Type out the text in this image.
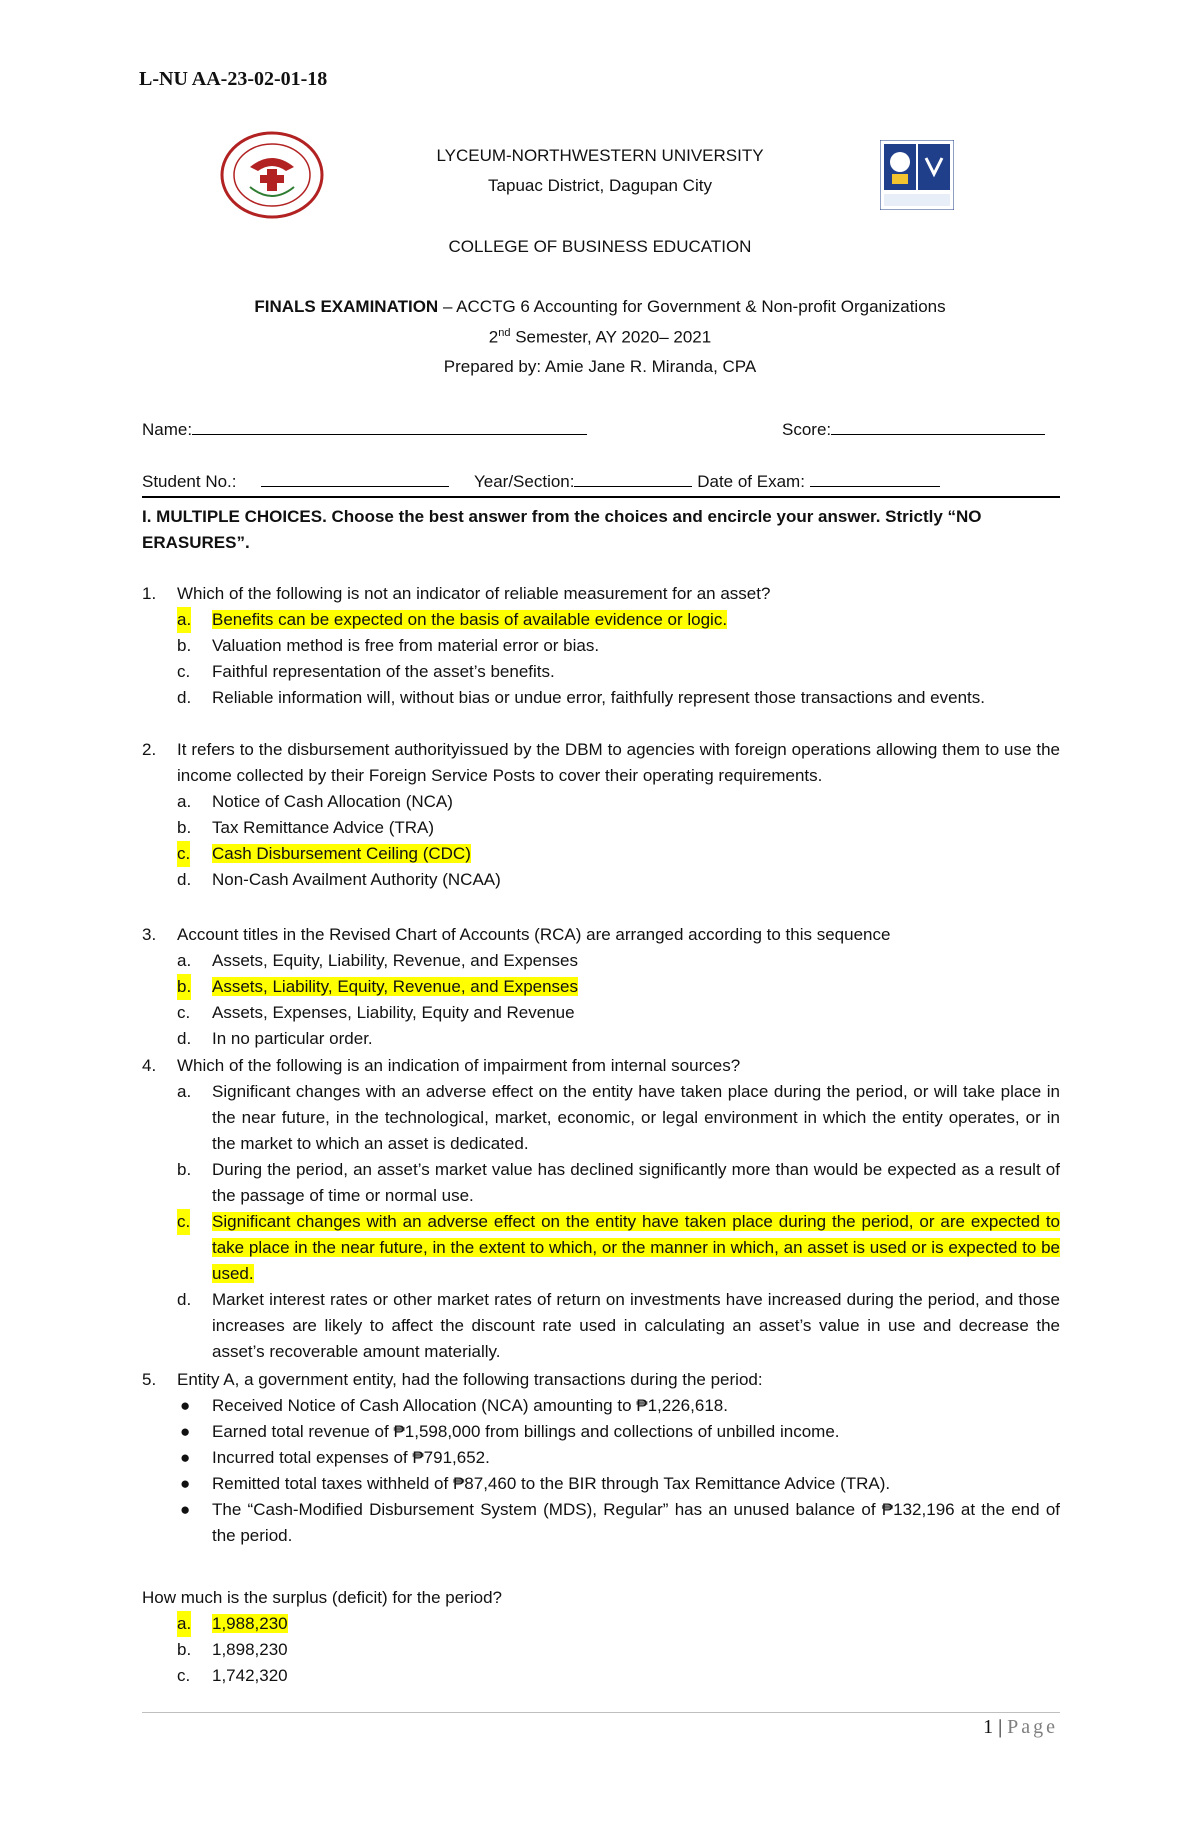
L-NU AA-23-02-01-18
LYCEUM-NORTHWESTERN UNIVERSITY
Tapuac District, Dagupan City
COLLEGE OF BUSINESS EDUCATION
FINALS EXAMINATION – ACCTG 6 Accounting for Government & Non-profit Organizations
2nd Semester, AY 2020– 2021
Prepared by: Amie Jane R. Miranda, CPA
Name:	Score:
Student No.:	Year/Section:	Date of Exam:
I. MULTIPLE CHOICES. Choose the best answer from the choices and encircle your answer. Strictly “NO ERASURES”.
1.	Which of the following is not an indicator of reliable measurement for an asset?
a. Benefits can be expected on the basis of available evidence or logic.
b. Valuation method is free from material error or bias.
c. Faithful representation of the asset’s benefits.
d. Reliable information will, without bias or undue error, faithfully represent those transactions and events.
2.	It refers to the disbursement authorityissued by the DBM to agencies with foreign operations allowing them to use the income collected by their Foreign Service Posts to cover their operating requirements.
a. Notice of Cash Allocation (NCA)
b. Tax Remittance Advice (TRA)
c. Cash Disbursement Ceiling (CDC)
d. Non-Cash Availment Authority (NCAA)
3.	Account titles in the Revised Chart of Accounts (RCA) are arranged according to this sequence
a. Assets, Equity, Liability, Revenue, and Expenses
b. Assets, Liability, Equity, Revenue, and Expenses
c. Assets, Expenses, Liability, Equity and Revenue
d. In no particular order.
4.	Which of the following is an indication of impairment from internal sources?
a. Significant changes with an adverse effect on the entity have taken place during the period, or will take place in the near future, in the technological, market, economic, or legal environment in which the entity operates, or in the market to which an asset is dedicated.
b. During the period, an asset’s market value has declined significantly more than would be expected as a result of the passage of time or normal use.
c. Significant changes with an adverse effect on the entity have taken place during the period, or are expected to take place in the near future, in the extent to which, or the manner in which, an asset is used or is expected to be used.
d. Market interest rates or other market rates of return on investments have increased during the period, and those increases are likely to affect the discount rate used in calculating an asset’s value in use and decrease the asset’s recoverable amount materially.
5.	Entity A, a government entity, had the following transactions during the period:
● Received Notice of Cash Allocation (NCA) amounting to ₱1,226,618.
● Earned total revenue of ₱1,598,000 from billings and collections of unbilled income.
● Incurred total expenses of ₱791,652.
● Remitted total taxes withheld of ₱87,460 to the BIR through Tax Remittance Advice (TRA).
● The “Cash-Modified Disbursement System (MDS), Regular” has an unused balance of ₱132,196 at the end of the period.
How much is the surplus (deficit) for the period?
a. 1,988,230
b. 1,898,230
c. 1,742,320
1 | Page
